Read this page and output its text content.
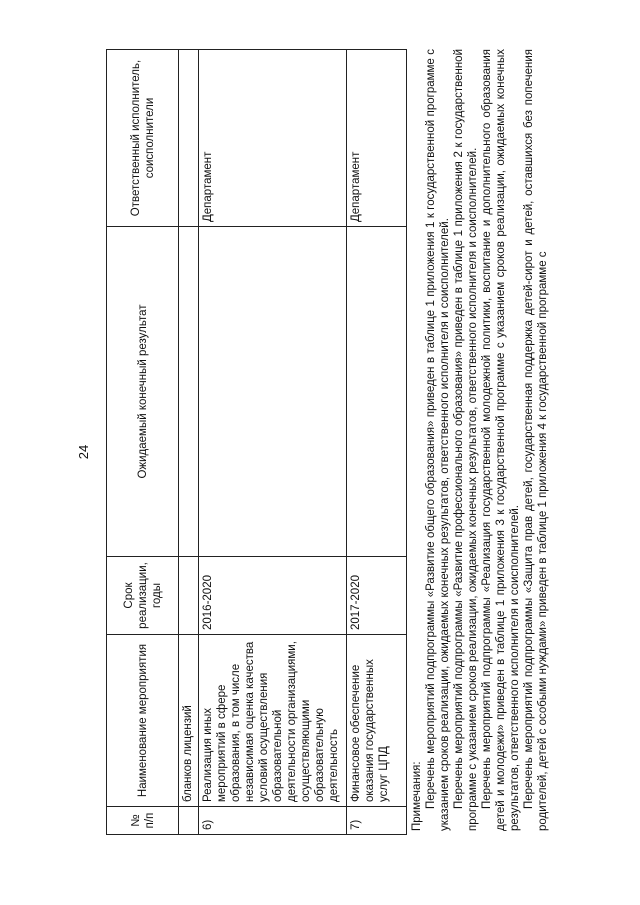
24
№ п/п	Наименование мероприятия	Срок реализации, годы	Ожидаемый конечный результат	Ответственный исполнитель, соисполнители
	бланков лицензий			
6)	Реализация иных мероприятий в сфере образования, в том числе независимая оценка качества условий осуществления образовательной деятельности организациями, осуществляющими образовательную деятельность	2016-2020		Департамент
7)	Финансовое обеспечение оказания государственных услуг ЦПД	2017-2020		Департамент

Примечания: Перечень мероприятий подпрограммы «Развитие общего образования» приведен в таблице 1 приложения 1 к государственной программе с указанием сроков реализации, ожидаемых конечных результатов, ответственного исполнителя и соисполнителей. Перечень мероприятий подпрограммы «Развитие профессионального образования» приведен в таблице 1 приложения 2 к государственной программе с указанием сроков реализации, ожидаемых конечных результатов, ответственного исполнителя и соисполнителей. Перечень мероприятий подпрограммы «Реализация государственной молодежной политики, воспитание и дополнительного образования детей и молодежи» приведен в таблице 1 приложения 3 к государственной программе с указанием сроков реализации, ожидаемых конечных результатов, ответственного исполнителя и соисполнителей. Перечень мероприятий подпрограммы «Защита прав детей, государственная поддержка детей-сирот и детей, оставшихся без попечения родителей, детей с особыми нуждами» приведен в таблице 1 приложения 4 к государственной программе с
